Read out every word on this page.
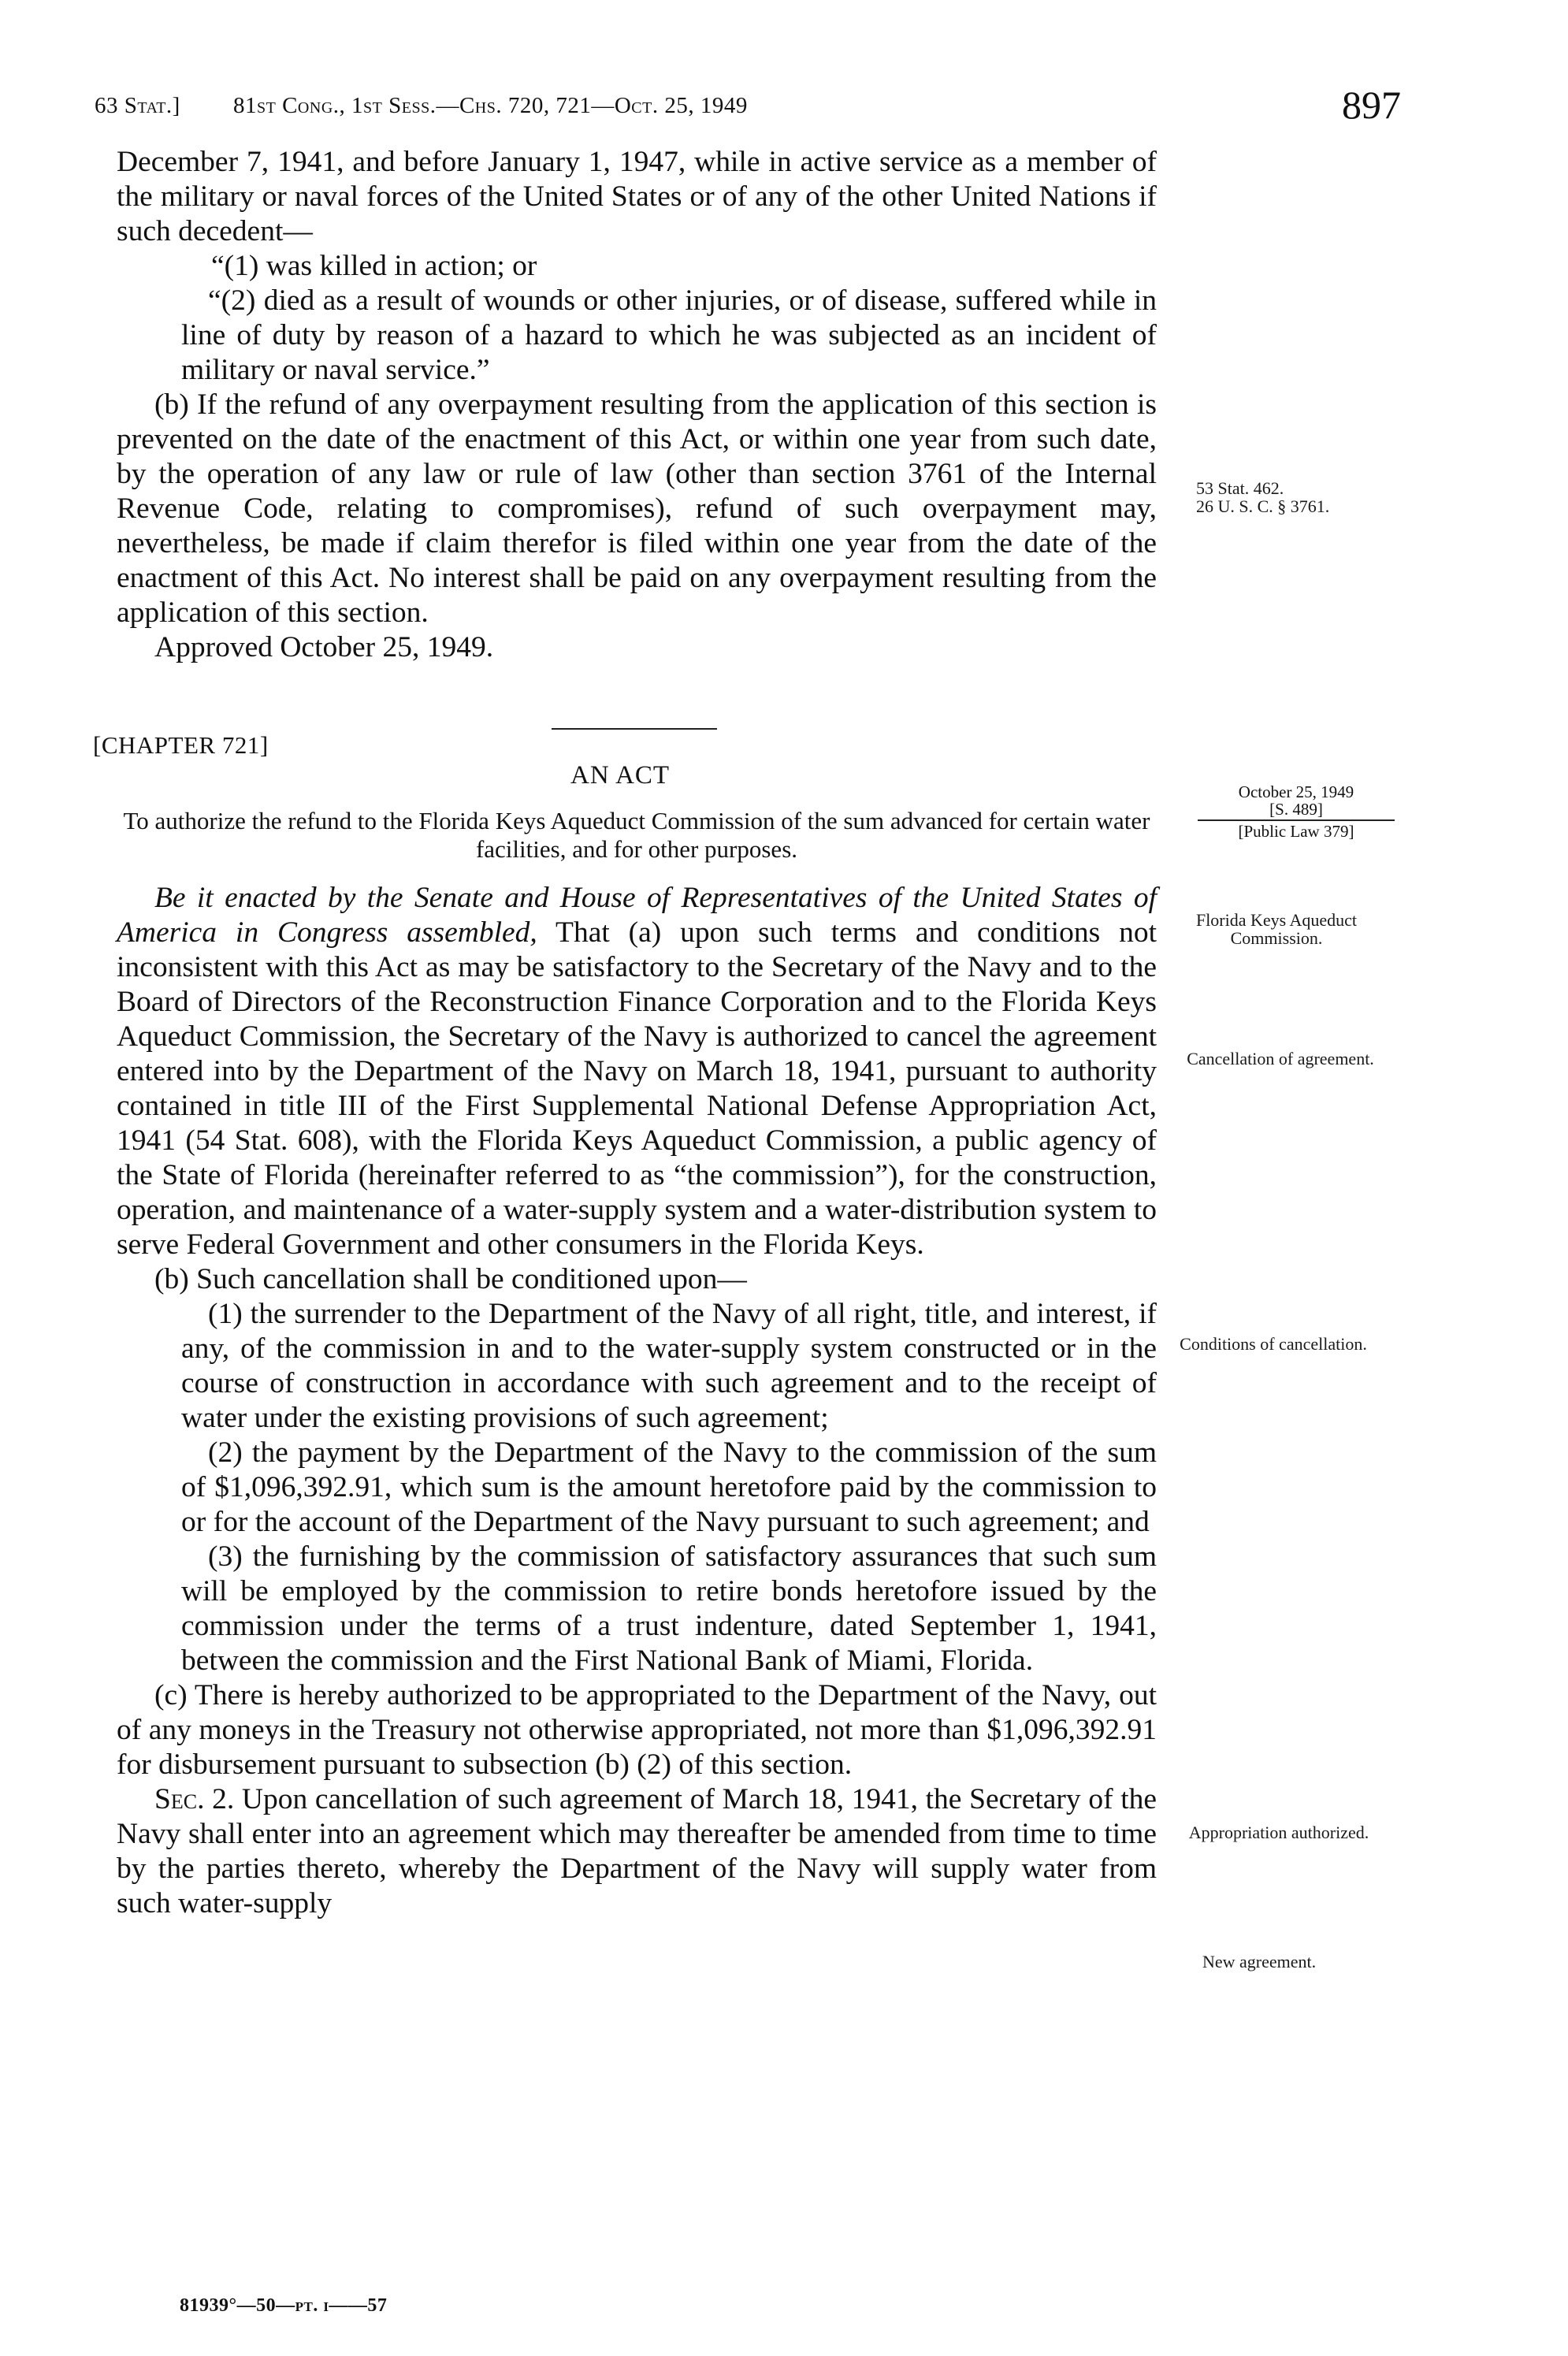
63 Stat.] 81st Cong., 1st Sess.—Chs. 720, 721—Oct. 25, 1949	897

December 7, 1941, and before January 1, 1947, while in active service as a member of the military or naval forces of the United States or of any of the other United Nations if such decedent—

“(1) was killed in action; or

“(2) died as a result of wounds or other injuries, or of disease, suffered while in line of duty by reason of a hazard to which he was subjected as an incident of military or naval service.”

(b) If the refund of any overpayment resulting from the application of this section is prevented on the date of the enactment of this Act, or within one year from such date, by the operation of any law or rule of law (other than section 3761 of the Internal Revenue Code, relating to compromises), refund of such overpayment may, nevertheless, be made if claim therefor is filed within one year from the date of the enactment of this Act. No interest shall be paid on any overpayment resulting from the application of this section.

Approved October 25, 1949.

[CHAPTER 721]
AN ACT
To authorize the refund to the Florida Keys Aqueduct Commission of the sum advanced for certain water facilities, and for other purposes.

Be it enacted by the Senate and House of Representatives of the United States of America in Congress assembled, That (a) upon such terms and conditions not inconsistent with this Act as may be satisfactory to the Secretary of the Navy and to the Board of Directors of the Reconstruction Finance Corporation and to the Florida Keys Aqueduct Commission, the Secretary of the Navy is authorized to cancel the agreement entered into by the Department of the Navy on March 18, 1941, pursuant to authority contained in title III of the First Supplemental National Defense Appropriation Act, 1941 (54 Stat. 608), with the Florida Keys Aqueduct Commission, a public agency of the State of Florida (hereinafter referred to as “the commission”), for the construction, operation, and maintenance of a water-supply system and a water-distribution system to serve Federal Government and other consumers in the Florida Keys.

(b) Such cancellation shall be conditioned upon—

(1) the surrender to the Department of the Navy of all right, title, and interest, if any, of the commission in and to the water-supply system constructed or in the course of construction in accordance with such agreement and to the receipt of water under the existing provisions of such agreement;

(2) the payment by the Department of the Navy to the commission of the sum of $1,096,392.91, which sum is the amount heretofore paid by the commission to or for the account of the Department of the Navy pursuant to such agreement; and

(3) the furnishing by the commission of satisfactory assurances that such sum will be employed by the commission to retire bonds heretofore issued by the commission under the terms of a trust indenture, dated September 1, 1941, between the commission and the First National Bank of Miami, Florida.

(c) There is hereby authorized to be appropriated to the Department of the Navy, out of any moneys in the Treasury not otherwise appropriated, not more than $1,096,392.91 for disbursement pursuant to subsection (b) (2) of this section.

Sec. 2. Upon cancellation of such agreement of March 18, 1941, the Secretary of the Navy shall enter into an agreement which may thereafter be amended from time to time by the parties thereto, whereby the Department of the Navy will supply water from such water-supply

53 Stat. 462.
26 U. S. C. § 3761.
October 25, 1949
[S. 489]
[Public Law 379]
Florida Keys Aqueduct Commission.
Cancellation of agreement.
Conditions of cancellation.
Appropriation authorized.
New agreement.
81939°—50—pt. i——57
